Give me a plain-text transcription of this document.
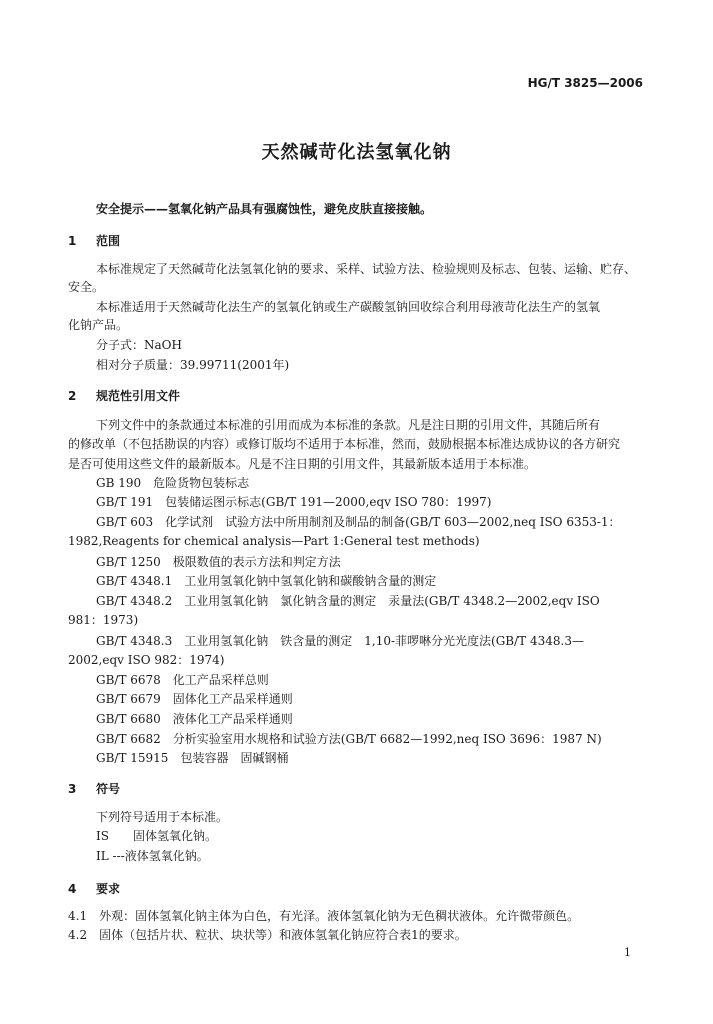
HG/T 3825—2006
天然碱苛化法氢氧化钠
安全提示——氢氧化钠产品具有强腐蚀性，避免皮肤直接接触。
1 范围
本标准规定了天然碱苛化法氢氧化钠的要求、采样、试验方法、检验规则及标志、包装、运输、贮存、
安全。
本标准适用于天然碱苛化法生产的氢氧化钠或生产碳酸氢钠回收综合利用母液苛化法生产的氢氧
化钠产品。
分子式：NaOH
相对分子质量：39.99711(2001年)
2 规范性引用文件
下列文件中的条款通过本标准的引用而成为本标准的条款。凡是注日期的引用文件，其随后所有
的修改单（不包括勘误的内容）或修订版均不适用于本标准，然而，鼓励根据本标准达成协议的各方研究
是否可使用这些文件的最新版本。凡是不注日期的引用文件，其最新版本适用于本标准。
GB 190　危险货物包装标志
GB/T 191　包装储运图示标志(GB/T 191—2000,eqv ISO 780：1997)
GB/T 603　化学试剂　试验方法中所用制剂及制品的制备(GB/T 603—2002,neq ISO 6353-1：
1982,Reagents for chemical analysis—Part 1:General test methods)
GB/T 1250　极限数值的表示方法和判定方法
GB/T 4348.1　工业用氢氧化钠中氢氧化钠和碳酸钠含量的测定
GB/T 4348.2　工业用氢氧化钠　氯化钠含量的测定　汞量法(GB/T 4348.2—2002,eqv ISO
981：1973)
GB/T 4348.3　工业用氢氧化钠　铁含量的测定　1,10-菲啰啉分光光度法(GB/T 4348.3—
2002,eqv ISO 982：1974)
GB/T 6678　化工产品采样总则
GB/T 6679　固体化工产品采样通则
GB/T 6680　液体化工产品采样通则
GB/T 6682　分析实验室用水规格和试验方法(GB/T 6682—1992,neq ISO 3696：1987 N)
GB/T 15915　包装容器　固碱钢桶
3 符号
下列符号适用于本标准。
IS　　固体氢氧化钠。
IL ---液体氢氧化钠。
4 要求
4.1　外观：固体氢氧化钠主体为白色，有光泽。液体氢氧化钠为无色稠状液体。允许微带颜色。
4.2　固体（包括片状、粒状、块状等）和液体氢氧化钠应符合表1的要求。
1
